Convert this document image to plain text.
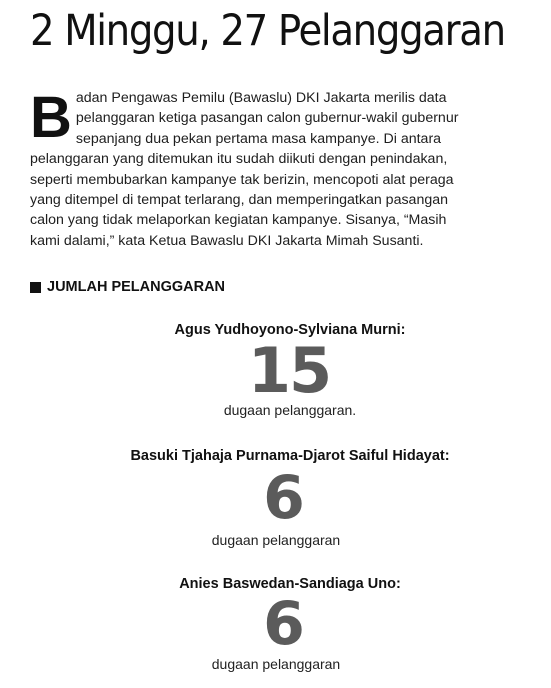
2 Minggu, 27 Pelanggaran
B adan Pengawas Pemilu (Bawaslu) DKI Jakarta merilis data pelanggaran ketiga pasangan calon gubernur-wakil gubernur sepanjang dua pekan pertama masa kampanye. Di antara pelanggaran yang ditemukan itu sudah diikuti dengan penindakan, seperti membubarkan kampanye tak berizin, mencopoti alat peraga yang ditempel di tempat terlarang, dan memperingatkan pasangan calon yang tidak melaporkan kegiatan kampanye. Sisanya, “Masih kami dalami,” kata Ketua Bawaslu DKI Jakarta Mimah Susanti.
JUMLAH PELANGGARAN
Agus Yudhoyono-Sylviana Murni:
15
dugaan pelanggaran.
Basuki Tjahaja Purnama-Djarot Saiful Hidayat:
6
dugaan pelanggaran
Anies Baswedan-Sandiaga Uno:
6
dugaan pelanggaran
